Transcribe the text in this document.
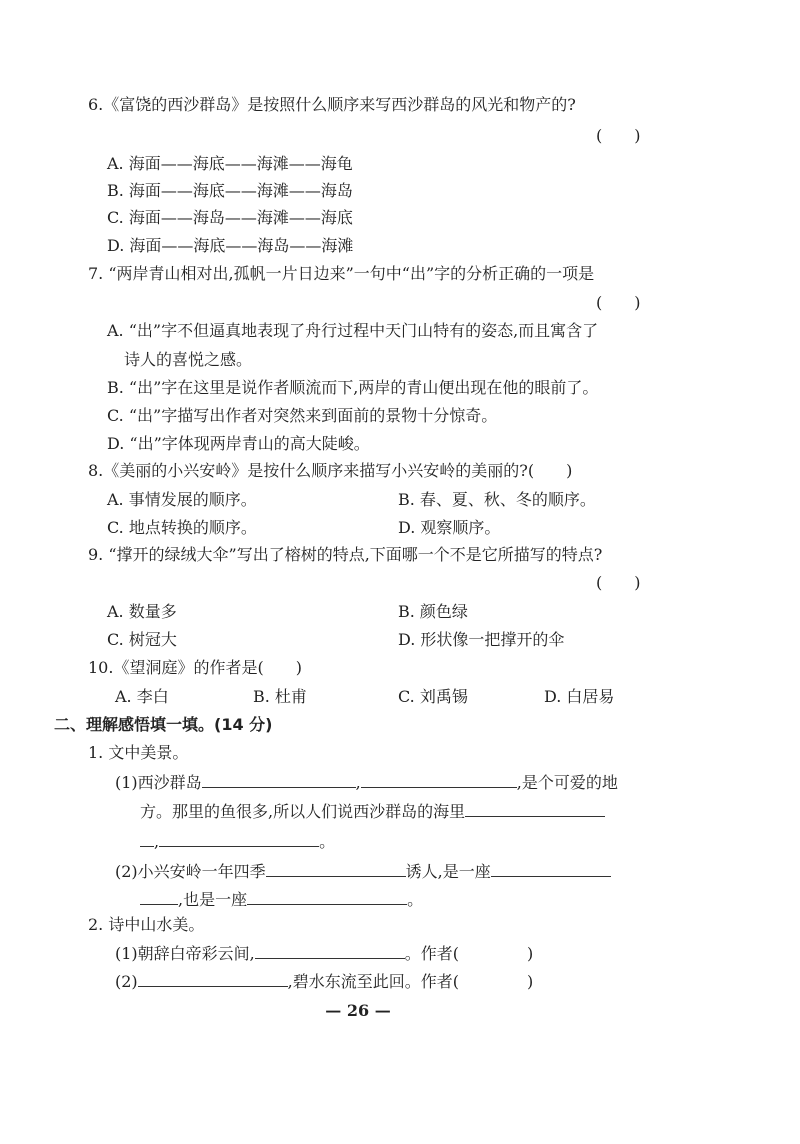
6.《富饶的西沙群岛》是按照什么顺序来写西沙群岛的风光和物产的?
(　　)
A. 海面——海底——海滩——海龟
B. 海面——海底——海滩——海岛
C. 海面——海岛——海滩——海底
D. 海面——海底——海岛——海滩
7. “两岸青山相对出,孤帆一片日边来”一句中“出”字的分析正确的一项是
(　　)
A. “出”字不但逼真地表现了舟行过程中天门山特有的姿态,而且寓含了
诗人的喜悦之感。
B. “出”字在这里是说作者顺流而下,两岸的青山便出现在他的眼前了。
C. “出”字描写出作者对突然来到面前的景物十分惊奇。
D. “出”字体现两岸青山的高大陡峻。
8.《美丽的小兴安岭》是按什么顺序来描写小兴安岭的美丽的?(　　)
A. 事情发展的顺序。	B. 春、夏、秋、冬的顺序。
C. 地点转换的顺序。	D. 观察顺序。
9. “撑开的绿绒大伞”写出了榕树的特点,下面哪一个不是它所描写的特点?
(　　)
A. 数量多	B. 颜色绿
C. 树冠大	D. 形状像一把撑开的伞
10.《望洞庭》的作者是(　　)
A. 李白	B. 杜甫	C. 刘禹锡	D. 白居易
二、理解感悟填一填。(14 分)
1. 文中美景。
(1)西沙群岛	,	,是个可爱的地
方。那里的鱼很多,所以人们说西沙群岛的海里
,	。
(2)小兴安岭一年四季	诱人,是一座
,也是一座	。
2. 诗中山水美。
(1)朝辞白帝彩云间,	。作者(	)
(2)	,碧水东流至此回。作者(	)
— 26 —
